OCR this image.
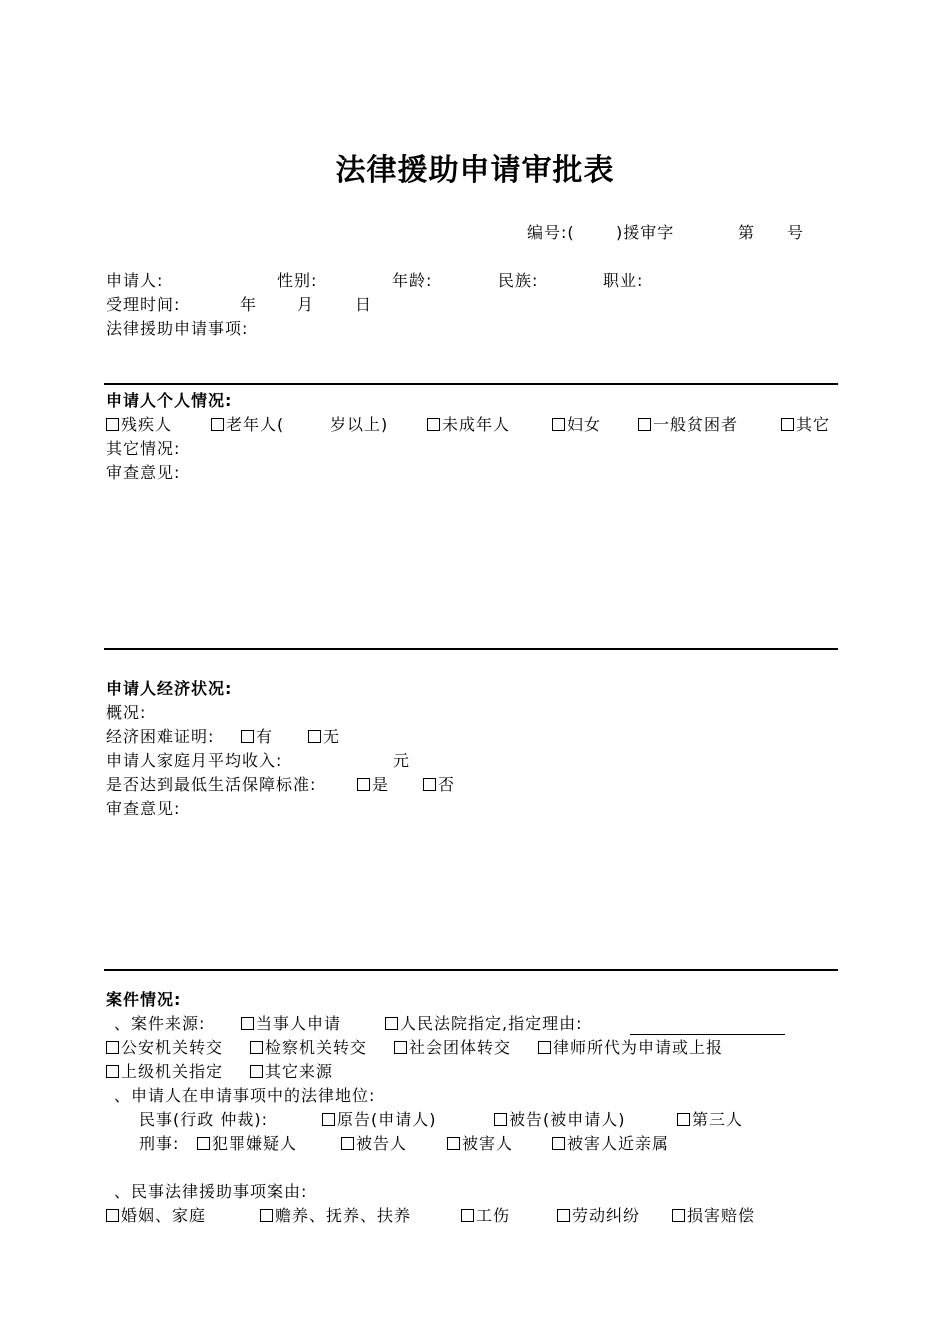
法律援助申请审批表
编号:(	)援审字	第 号
申请人:	性别:	年龄:	民族:	职业:
受理时间:	年 月	日
法律援助申请事项:
申请人个人情况:
残疾人	老年人(	岁以上)	未成年人	妇女	一般贫困者	其它
其它情况:
审查意见:
申请人经济状况:
概况:
经济困难证明:	有	无
申请人家庭月平均收入:	元
是否达到最低生活保障标准:	是	否
审查意见:
案件情况:
、案件来源:	当事人申请	人民法院指定,指定理由:
公安机关转交	检察机关转交	社会团体转交	律师所代为申请或上报
上级机关指定	其它来源
、申请人在申请事项中的法律地位:
民事(行政 仲裁):	原告(申请人)	被告(被申请人)	第三人
刑事:	犯罪嫌疑人	被告人	被害人	被害人近亲属
、民事法律援助事项案由:
婚姻、家庭	赡养、抚养、扶养	工伤	劳动纠纷	损害赔偿
